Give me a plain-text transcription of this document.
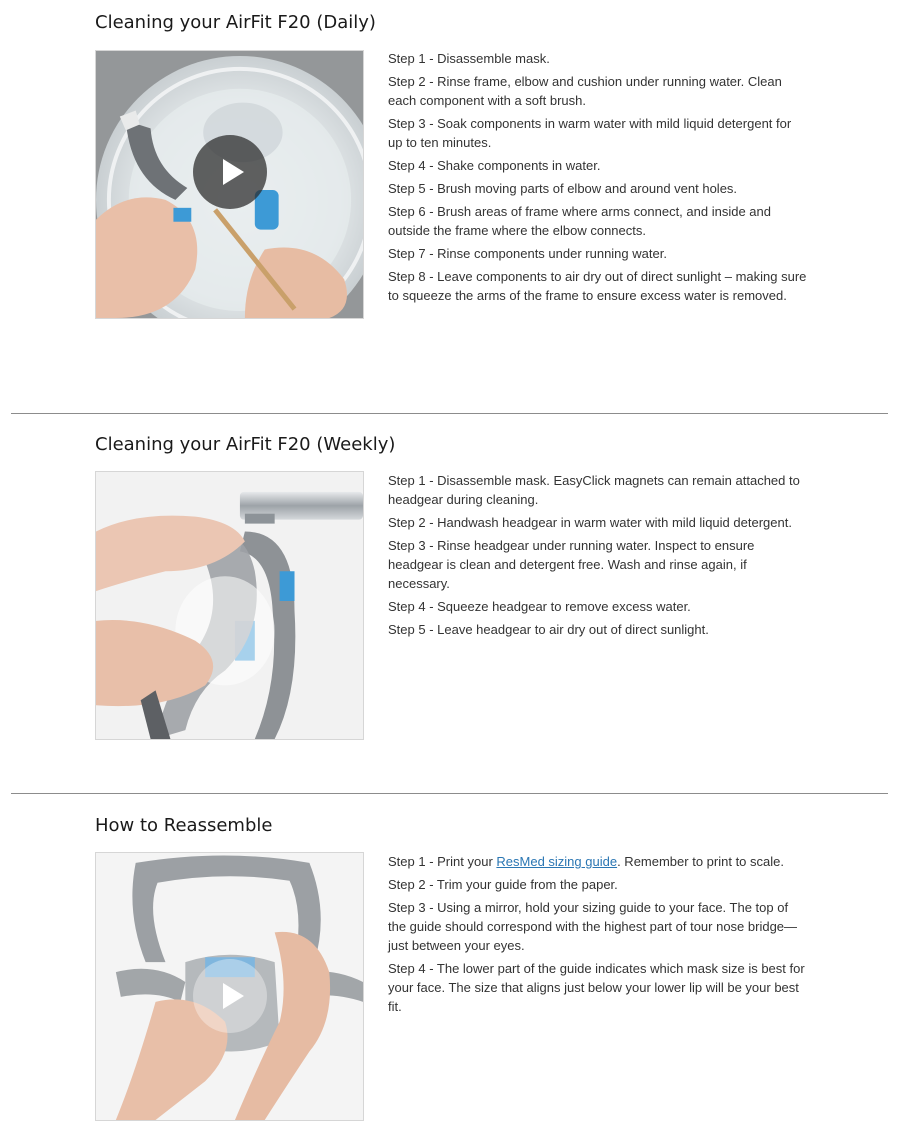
Cleaning your AirFit F20 (Daily)
Step 1 - Disassemble mask.
Step 2 - Rinse frame, elbow and cushion under running water. Clean each component with a soft brush.
Step 3 - Soak components in warm water with mild liquid detergent for up to ten minutes.
Step 4 - Shake components in water.
Step 5 - Brush moving parts of elbow and around vent holes.
Step 6 - Brush areas of frame where arms connect, and inside and outside the frame where the elbow connects.
Step 7 - Rinse components under running water.
Step 8 - Leave components to air dry out of direct sunlight – making sure to squeeze the arms of the frame to ensure excess water is removed.
Cleaning your AirFit F20 (Weekly)
Step 1 - Disassemble mask. EasyClick magnets can remain attached to headgear during cleaning.
Step 2 - Handwash headgear in warm water with mild liquid detergent.
Step 3 - Rinse headgear under running water. Inspect to ensure headgear is clean and detergent free. Wash and rinse again, if necessary.
Step 4 - Squeeze headgear to remove excess water.
Step 5 - Leave headgear to air dry out of direct sunlight.
How to Reassemble
Step 1 - Print your ResMed sizing guide. Remember to print to scale.
Step 2 - Trim your guide from the paper.
Step 3 - Using a mirror, hold your sizing guide to your face. The top of the guide should correspond with the highest part of tour nose bridge—just between your eyes.
Step 4 - The lower part of the guide indicates which mask size is best for your face. The size that aligns just below your lower lip will be your best fit.
